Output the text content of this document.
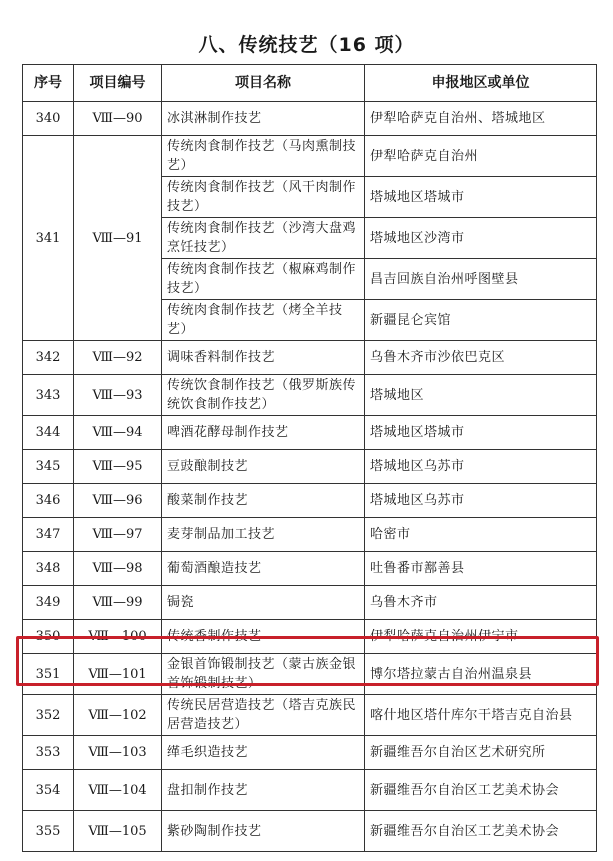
八、传统技艺（16 项）
序号	项目编号	项目名称	申报地区或单位
340	Ⅷ—90	冰淇淋制作技艺	伊犁哈萨克自治州、塔城地区
341	Ⅷ—91	传统肉食制作技艺（马肉熏制技艺）	伊犁哈萨克自治州
		传统肉食制作技艺（风干肉制作技艺）	塔城地区塔城市
		传统肉食制作技艺（沙湾大盘鸡烹饪技艺）	塔城地区沙湾市
		传统肉食制作技艺（椒麻鸡制作技艺）	昌吉回族自治州呼图壁县
		传统肉食制作技艺（烤全羊技艺）	新疆昆仑宾馆
342	Ⅷ—92	调味香料制作技艺	乌鲁木齐市沙依巴克区
343	Ⅷ—93	传统饮食制作技艺（俄罗斯族传统饮食制作技艺）	塔城地区
344	Ⅷ—94	啤酒花酵母制作技艺	塔城地区塔城市
345	Ⅷ—95	豆豉酿制技艺	塔城地区乌苏市
346	Ⅷ—96	酸菜制作技艺	塔城地区乌苏市
347	Ⅷ—97	麦芽制品加工技艺	哈密市
348	Ⅷ—98	葡萄酒酿造技艺	吐鲁番市鄯善县
349	Ⅷ—99	锔瓷	乌鲁木齐市
350	Ⅷ—100	传统香制作技艺	伊犁哈萨克自治州伊宁市
351	Ⅷ—101	金银首饰锻制技艺（蒙古族金银首饰锻制技艺）	博尔塔拉蒙古自治州温泉县
352	Ⅷ—102	传统民居营造技艺（塔吉克族民居营造技艺）	喀什地区塔什库尔干塔吉克自治县
353	Ⅷ—103	缂毛织造技艺	新疆维吾尔自治区艺术研究所
354	Ⅷ—104	盘扣制作技艺	新疆维吾尔自治区工艺美术协会
355	Ⅷ—105	紫砂陶制作技艺	新疆维吾尔自治区工艺美术协会
